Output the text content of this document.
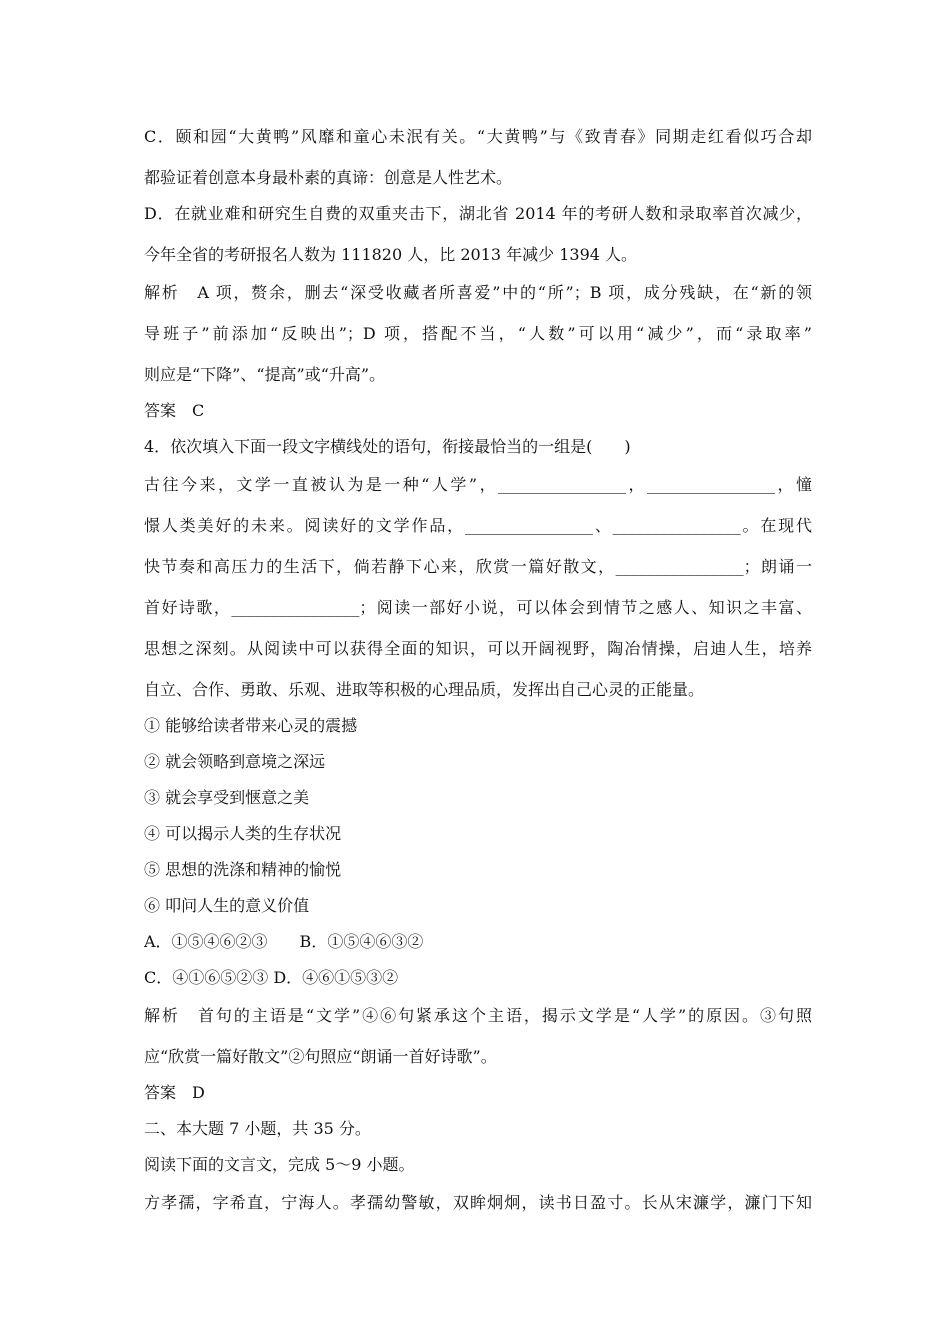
C．颐和园“大黄鸭”风靡和童心未泯有关。“大黄鸭”与《致青春》同期走红看似巧合却
都验证着创意本身最朴素的真谛：创意是人性艺术。
D．在就业难和研究生自费的双重夹击下，湖北省 2014 年的考研人数和录取率首次减少，
今年全省的考研报名人数为 111820 人，比 2013 年减少 1394 人。
解析　A 项，赘余，删去“深受收藏者所喜爱”中的“所”；B 项，成分残缺，在“新的领
导班子”前添加“反映出”；D 项，搭配不当，“人数”可以用“减少”，而“录取率”
则应是“下降”、“提高”或“升高”。
答案　C
4．依次填入下面一段文字横线处的语句，衔接最恰当的一组是(　　)
古往今来，文学一直被认为是一种“人学”，________________，________________，憧
憬人类美好的未来。阅读好的文学作品，________________、________________。在现代
快节奏和高压力的生活下，倘若静下心来，欣赏一篇好散文，________________；朗诵一
首好诗歌，________________；阅读一部好小说，可以体会到情节之感人、知识之丰富、
思想之深刻。从阅读中可以获得全面的知识，可以开阔视野，陶冶情操，启迪人生，培养
自立、合作、勇敢、乐观、进取等积极的心理品质，发挥出自己心灵的正能量。
① 能够给读者带来心灵的震撼
② 就会领略到意境之深远
③ 就会享受到惬意之美
④ 可以揭示人类的生存状况
⑤ 思想的洗涤和精神的愉悦
⑥ 叩问人生的意义价值
A．①⑤④⑥②③　　B．①⑤④⑥③②
C．④①⑥⑤②③ D．④⑥①⑤③②
解析　首句的主语是“文学”④⑥句紧承这个主语，揭示文学是“人学”的原因。③句照
应“欣赏一篇好散文”②句照应“朗诵一首好诗歌”。
答案　D
二、本大题 7 小题，共 35 分。
阅读下面的文言文，完成 5～9 小题。
方孝孺，字希直，宁海人。孝孺幼警敏，双眸炯炯，读书日盈寸。长从宋濂学，濂门下知
